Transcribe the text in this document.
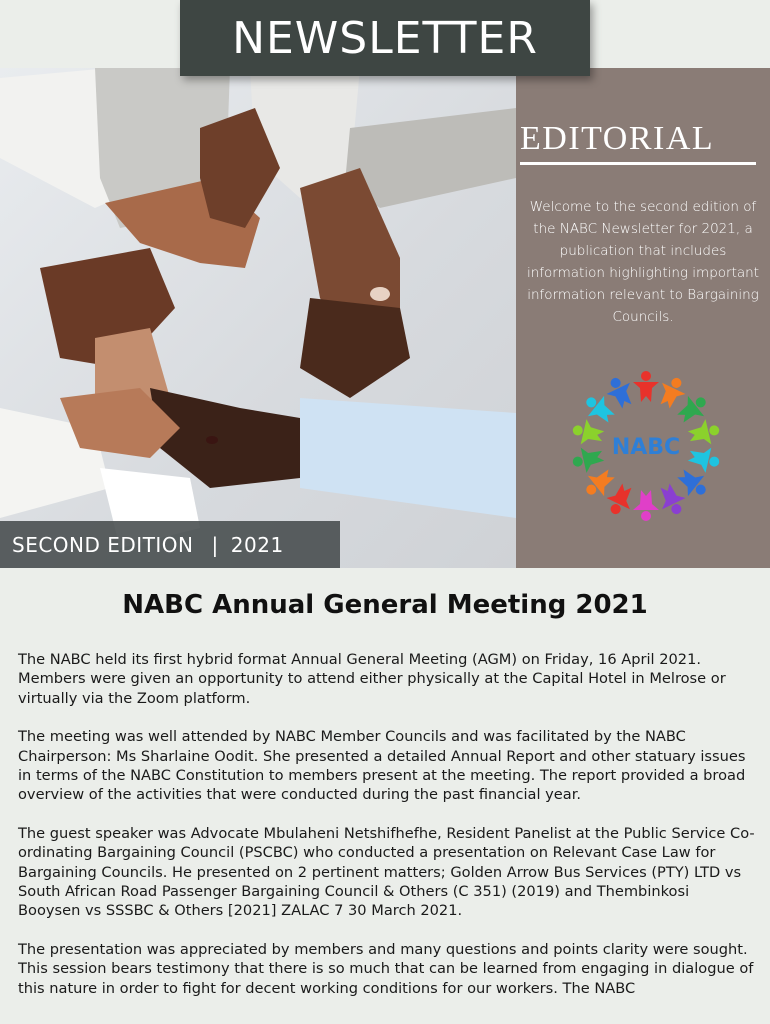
NEWSLETTER
SECOND EDITION | 2021
EDITORIAL
Welcome to the second edition of the NABC Newsletter for 2021, a publication that includes information highlighting important information relevant to Bargaining Councils.
NABC
NABC Annual General Meeting 2021

The NABC held its first hybrid format Annual General Meeting (AGM) on Friday, 16 April 2021. Members were given an opportunity to attend either physically at the Capital Hotel in Melrose or virtually via the Zoom platform.

The meeting was well attended by NABC Member Councils and was facilitated by the NABC Chairperson: Ms Sharlaine Oodit. She presented a detailed Annual Report and other statuary issues in terms of the NABC Constitution to members present at the meeting. The report provided a broad overview of the activities that were conducted during the past financial year.

The guest speaker was Advocate Mbulaheni Netshifhefhe, Resident Panelist at the Public Service Co-ordinating Bargaining Council (PSCBC) who conducted a presentation on Relevant Case Law for Bargaining Councils. He presented on 2 pertinent matters; Golden Arrow Bus Services (PTY) LTD vs South African Road Passenger Bargaining Council & Others (C 351) (2019) and Thembinkosi Booysen vs SSSBC & Others [2021] ZALAC 7 30 March 2021.

The presentation was appreciated by members and many questions and points clarity were sought. This session bears testimony that there is so much that can be learned from engaging in dialogue of this nature in order to fight for decent working conditions for our workers. The NABC
